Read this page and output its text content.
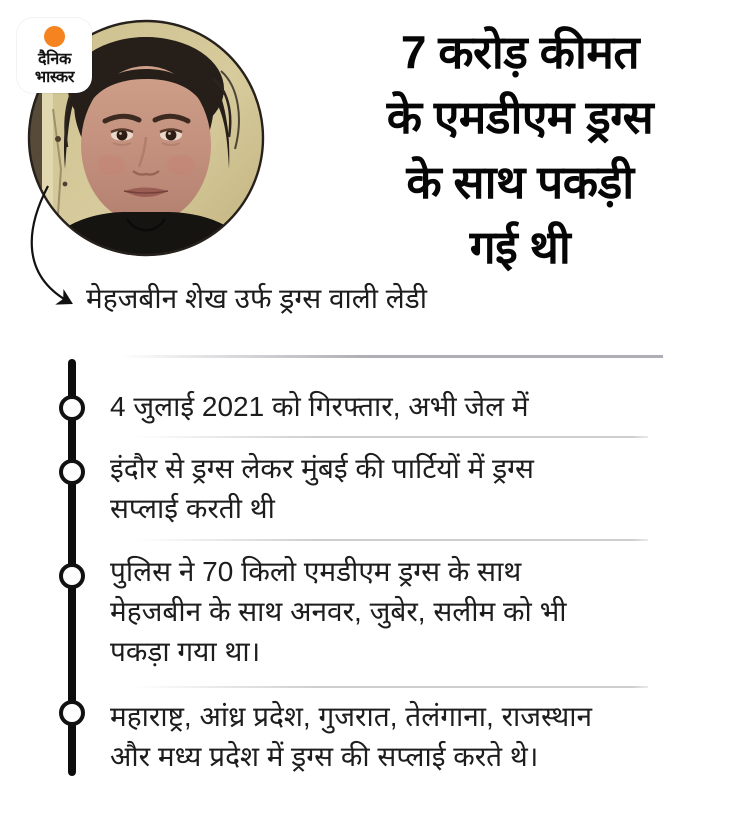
दैनिक
भास्कर	7 करोड़ कीमत
के एमडीएम ड्रग्स
के साथ पकड़ी
गई थी
मेहजबीन शेख उर्फ ड्रग्स वाली लेडी
4 जुलाई 2021 को गिरफ्तार, अभी जेल में
इंदौर से ड्रग्स लेकर मुंबई की पार्टियों में ड्रग्स
सप्लाई करती थी
पुलिस ने 70 किलो एमडीएम ड्रग्स के साथ
मेहजबीन के साथ अनवर, जुबेर, सलीम को भी
पकड़ा गया था।
महाराष्ट्र, आंध्र प्रदेश, गुजरात, तेलंगाना, राजस्थान
और मध्य प्रदेश में ड्रग्स की सप्लाई करते थे।
